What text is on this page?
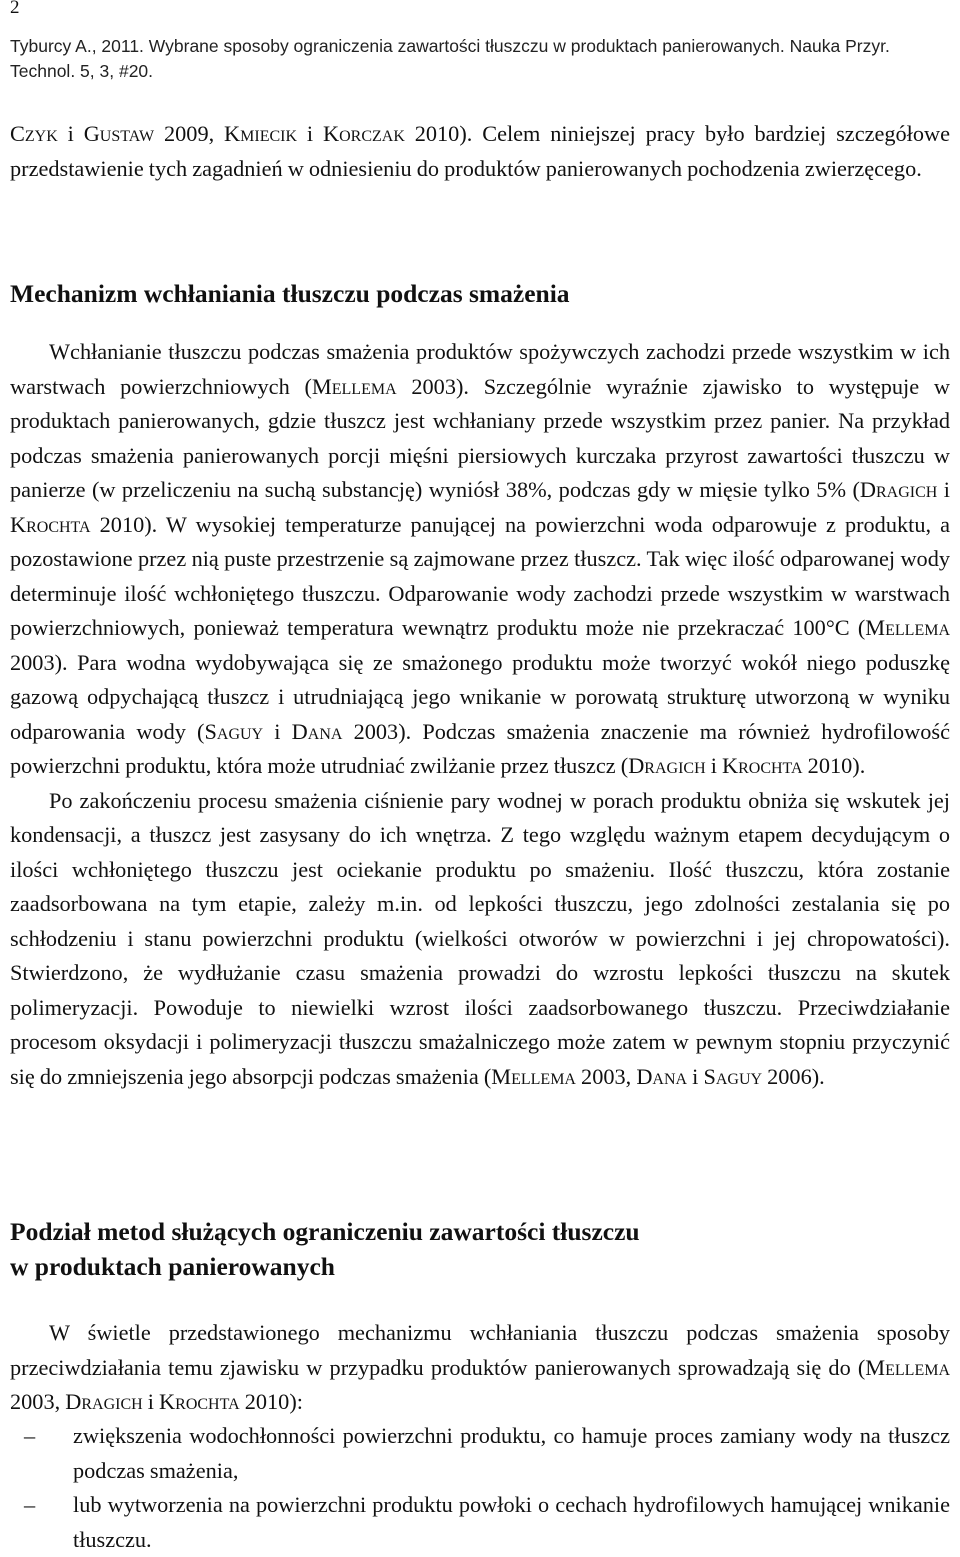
2
Tyburcy A., 2011. Wybrane sposoby ograniczenia zawartości tłuszczu w produktach panierowanych. Nauka Przyr. Technol. 5, 3, #20.

Czyk i Gustaw 2009, Kmiecik i Korczak 2010). Celem niniejszej pracy było bardziej szczegółowe przedstawienie tych zagadnień w odniesieniu do produktów panierowanych pochodzenia zwierzęcego.

Mechanizm wchłaniania tłuszczu podczas smażenia

Wchłanianie tłuszczu podczas smażenia produktów spożywczych zachodzi przede wszystkim w ich warstwach powierzchniowych (Mellema 2003). Szczególnie wyraźnie zjawisko to występuje w produktach panierowanych, gdzie tłuszcz jest wchłaniany przede wszystkim przez panier. Na przykład podczas smażenia panierowanych porcji mięśni piersiowych kurczaka przyrost zawartości tłuszczu w panierze (w przeliczeniu na suchą substancję) wyniósł 38%, podczas gdy w mięsie tylko 5% (Dragich i Krochta 2010). W wysokiej temperaturze panującej na powierzchni woda odparowuje z produktu, a pozostawione przez nią puste przestrzenie są zajmowane przez tłuszcz. Tak więc ilość odparowanej wody determinuje ilość wchłoniętego tłuszczu. Odparowanie wody zachodzi przede wszystkim w warstwach powierzchniowych, ponieważ temperatura wewnątrz produktu może nie przekraczać 100°C (Mellema 2003). Para wodna wydobywająca się ze smażonego produktu może tworzyć wokół niego poduszkę gazową odpychającą tłuszcz i utrudniającą jego wnikanie w porowatą strukturę utworzoną w wyniku odparowania wody (Saguy i Dana 2003). Podczas smażenia znaczenie ma również hydrofilowość powierzchni produktu, która może utrudniać zwilżanie przez tłuszcz (Dragich i Krochta 2010).

Po zakończeniu procesu smażenia ciśnienie pary wodnej w porach produktu obniża się wskutek jej kondensacji, a tłuszcz jest zasysany do ich wnętrza. Z tego względu ważnym etapem decydującym o ilości wchłoniętego tłuszczu jest ociekanie produktu po smażeniu. Ilość tłuszczu, która zostanie zaadsorbowana na tym etapie, zależy m.in. od lepkości tłuszczu, jego zdolności zestalania się po schłodzeniu i stanu powierzchni produktu (wielkości otworów w powierzchni i jej chropowatości). Stwierdzono, że wydłużanie czasu smażenia prowadzi do wzrostu lepkości tłuszczu na skutek polimeryzacji. Powoduje to niewielki wzrost ilości zaadsorbowanego tłuszczu. Przeciwdziałanie procesom oksydacji i polimeryzacji tłuszczu smażalniczego może zatem w pewnym stopniu przyczynić się do zmniejszenia jego absorpcji podczas smażenia (Mellema 2003, Dana i Saguy 2006).

Podział metod służących ograniczeniu zawartości tłuszczu
w produktach panierowanych

W świetle przedstawionego mechanizmu wchłaniania tłuszczu podczas smażenia sposoby przeciwdziałania temu zjawisku w przypadku produktów panierowanych sprowadzają się do (Mellema 2003, Dragich i Krochta 2010):

– zwiększenia wodochłonności powierzchni produktu, co hamuje proces zamiany wody na tłuszcz podczas smażenia,
– lub wytworzenia na powierzchni produktu powłoki o cechach hydrofilowych hamującej wnikanie tłuszczu.
